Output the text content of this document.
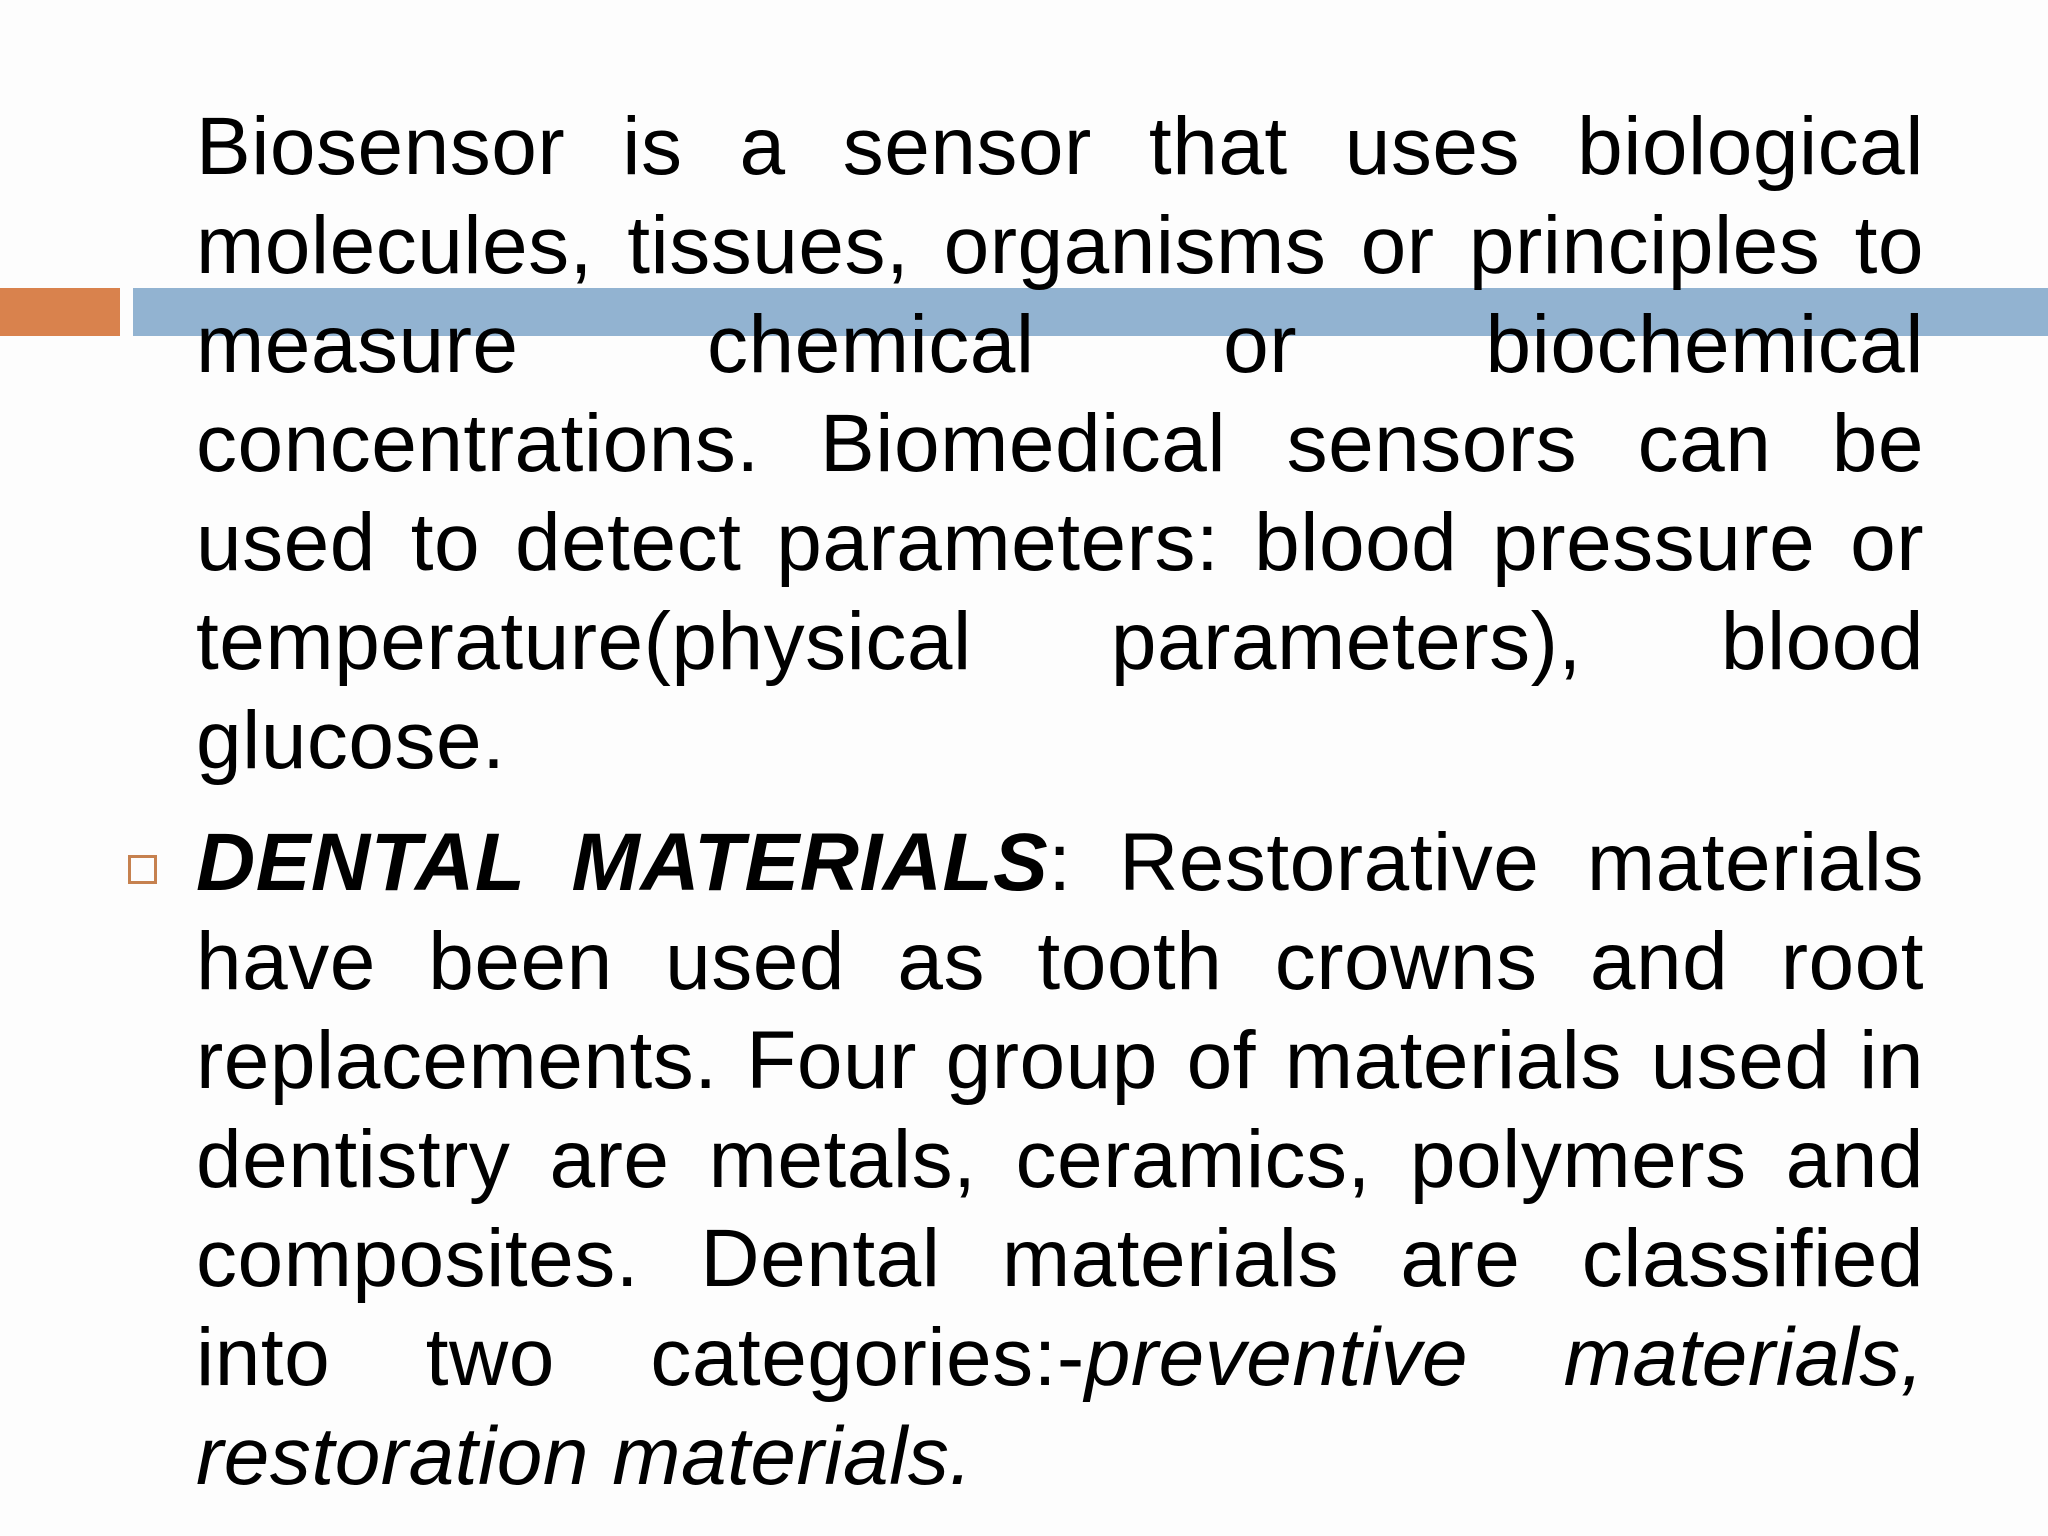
Biosensor is a sensor that uses biological molecules, tissues, organisms or principles to measure chemical or biochemical concentrations. Biomedical sensors can be used to detect parameters: blood pressure or temperature(physical parameters), blood glucose.
DENTAL MATERIALS: Restorative materials have been used as tooth crowns and root replacements. Four group of materials used in dentistry are metals, ceramics, polymers and composites. Dental materials are classified into two categories:-preventive materials, restoration materials.
